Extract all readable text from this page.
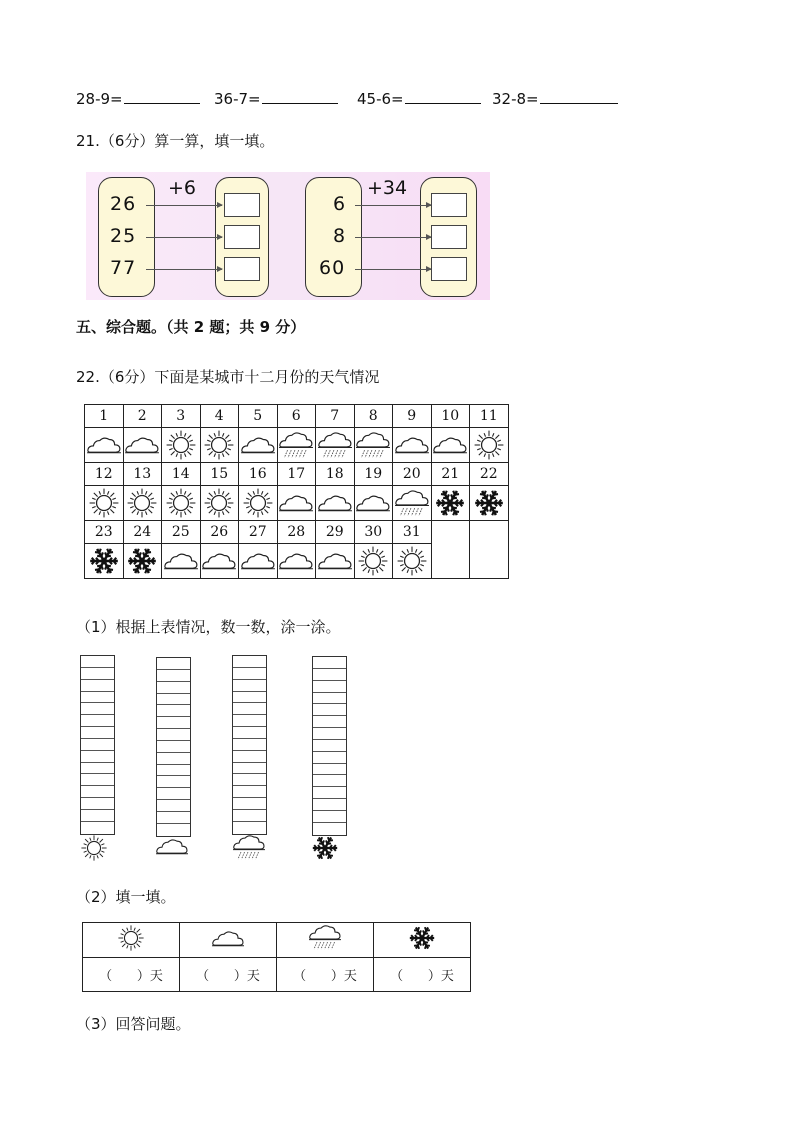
28-9=	36-7=	45-6=	32-8=
21.（6分）算一算，填一填。
+6
26
25
77
+34
6
8
60
五、综合题。（共 2 题；共 9 分）
22.（6分）下面是某城市十二月份的天气情况
1	2	3	4	5	6	7	8	9	10	11

12	13	14	15	16	17	18	19	20	21	22

23	24	25	26	27	28	29	30	31		

（1）根据上表情况，数一数，涂一涂。
（2）填一填。

（      ）天	（      ）天	（      ）天	（      ）天
（3）回答问题。
